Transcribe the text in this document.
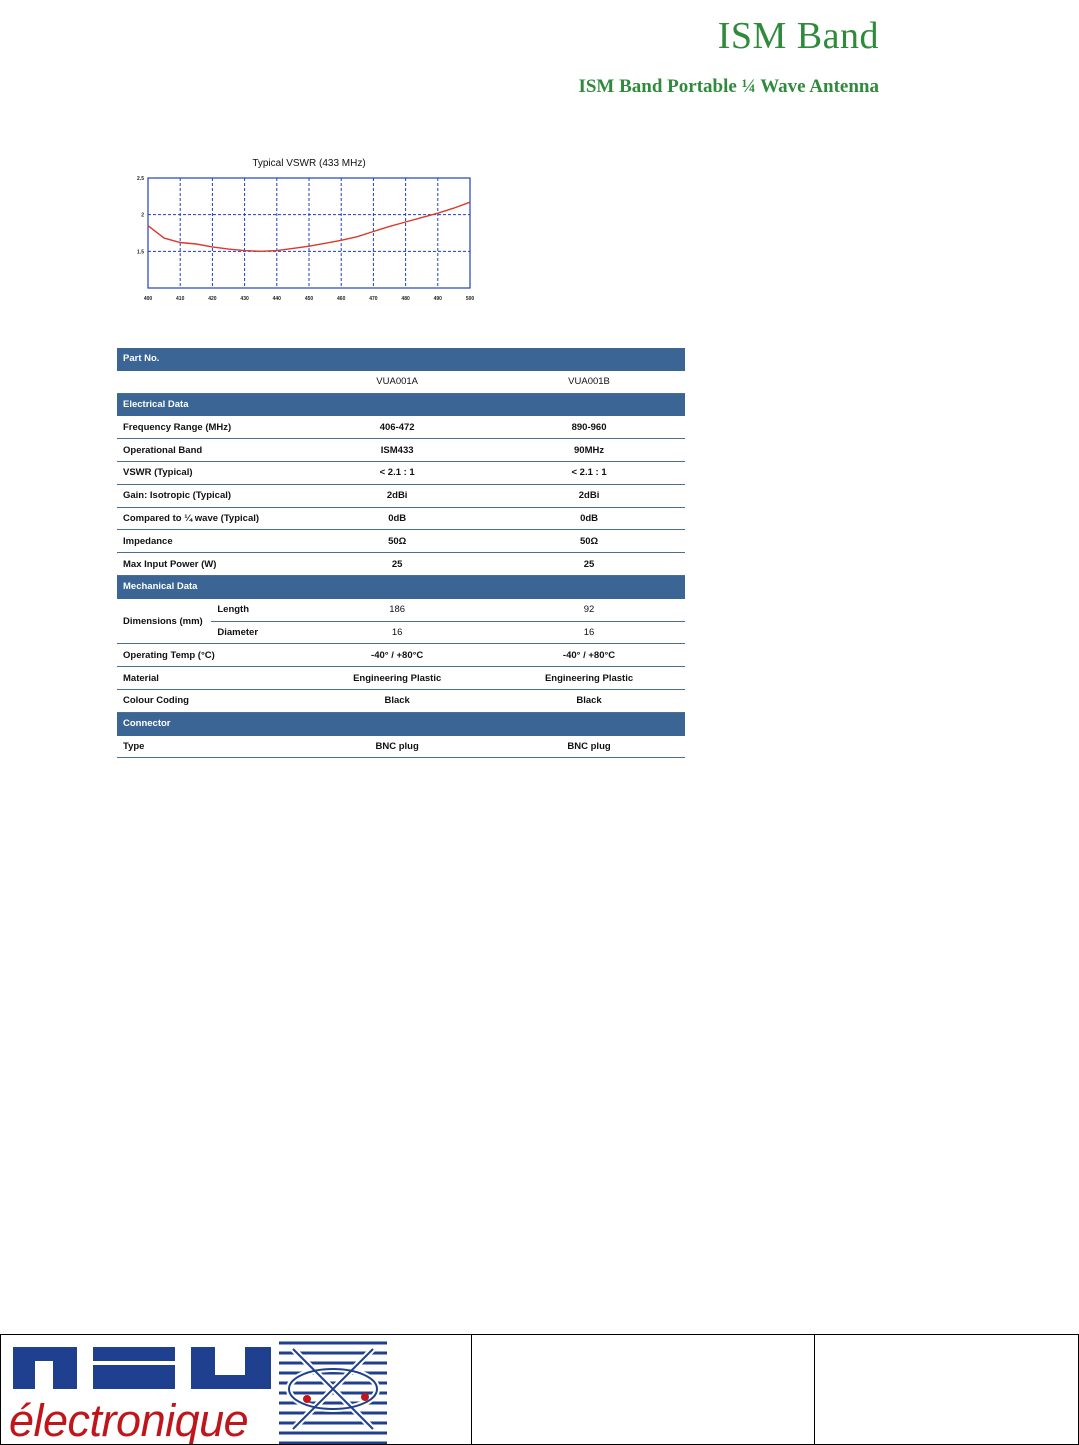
ISM Band
ISM Band Portable ¼ Wave Antenna
Typical VSWR (433 MHz)
400	410	420	430	440	450	460	470	480	490	500
1.5
2
2.5
Part No.			
		VUA001A	VUA001B
Electrical Data			
Frequency Range (MHz)		406-472	890-960
Operational Band		ISM433	90MHz
VSWR (Typical)		< 2.1 : 1	< 2.1 : 1
Gain: Isotropic (Typical)		2dBi	2dBi
Compared to ¼ wave (Typical)		0dB	0dB
Impedance		50Ω	50Ω
Max Input Power (W)		25	25
Mechanical Data			
Dimensions (mm)	Length	186	92
	Diameter	16	16
Operating Temp (°C)		-40° / +80°C	-40° / +80°C
Material		Engineering Plastic	Engineering Plastic
Colour Coding		Black	Black
Connector			
Type		BNC plug	BNC plug
électronique
